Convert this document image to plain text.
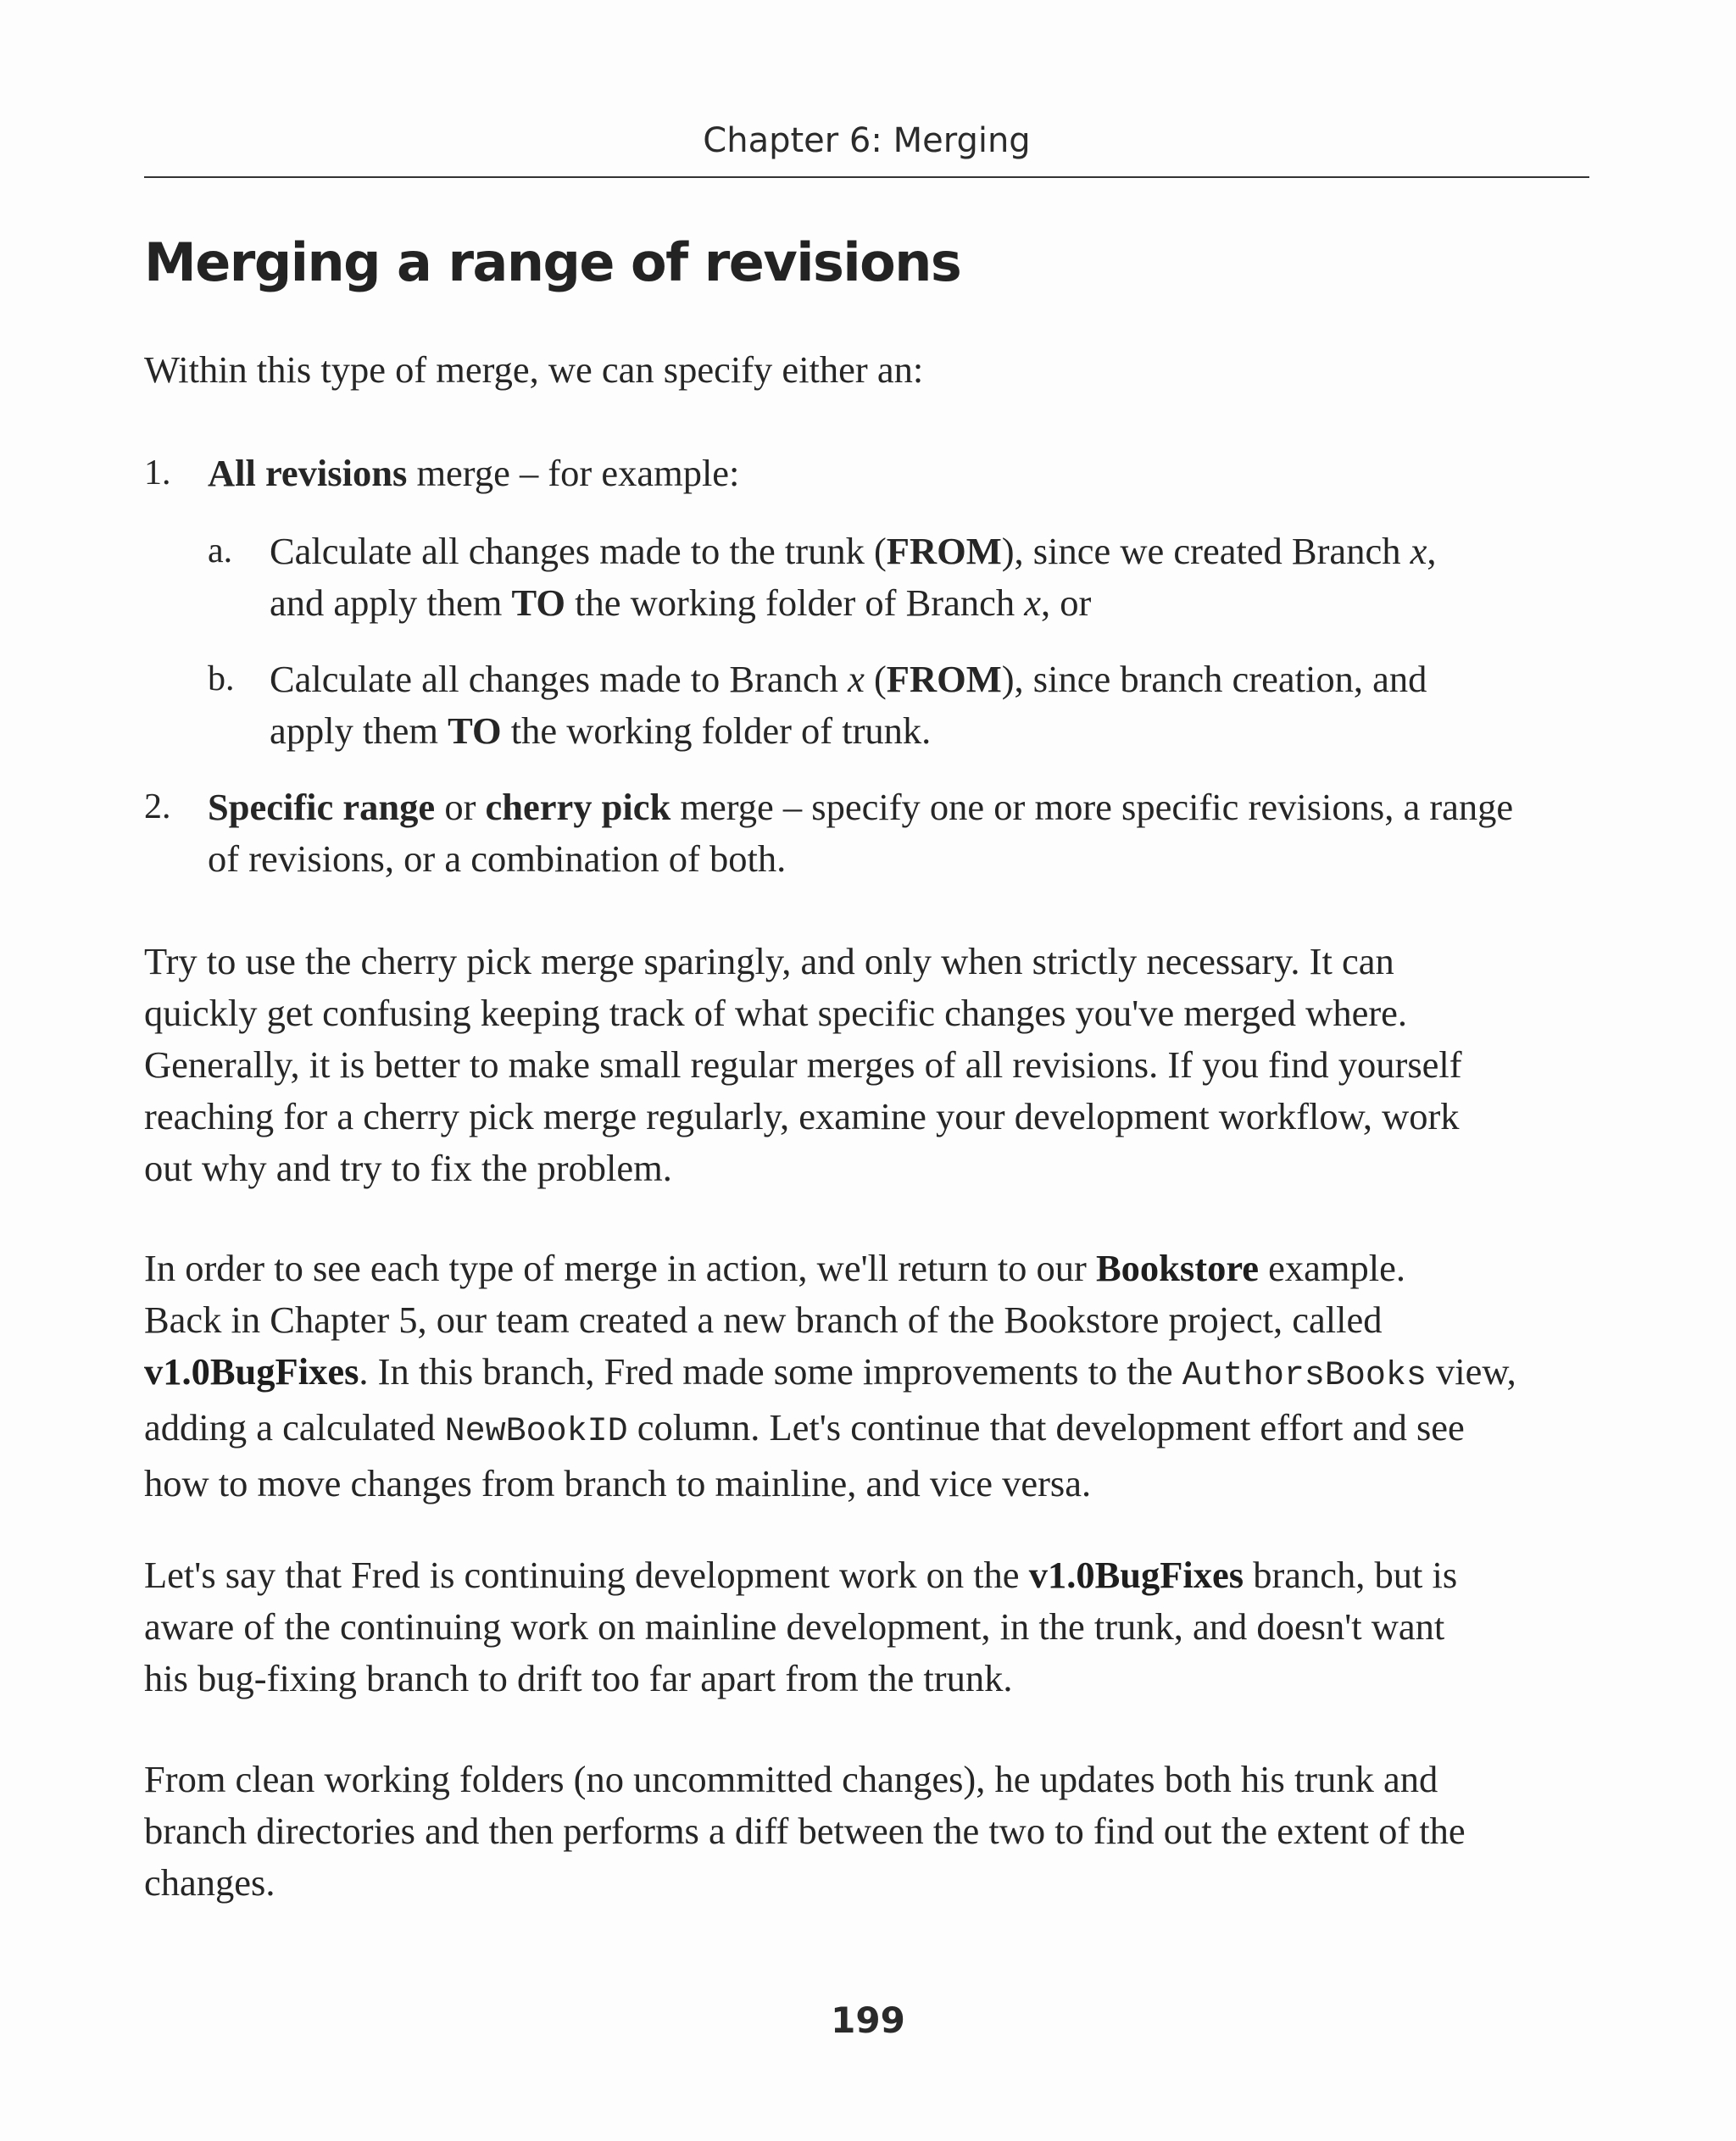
Chapter 6: Merging
Merging a range of revisions

Within this type of merge, we can specify either an:

1. All revisions merge – for example:

a. Calculate all changes made to the trunk (FROM), since we created Branch x,
and apply them TO the working folder of Branch x, or

b. Calculate all changes made to Branch x (FROM), since branch creation, and
apply them TO the working folder of trunk.

2. Specific range or cherry pick merge – specify one or more specific revisions, a range
of revisions, or a combination of both.

Try to use the cherry pick merge sparingly, and only when strictly necessary. It can
quickly get confusing keeping track of what specific changes you've merged where.
Generally, it is better to make small regular merges of all revisions. If you find yourself
reaching for a cherry pick merge regularly, examine your development workflow, work
out why and try to fix the problem.

In order to see each type of merge in action, we'll return to our Bookstore example.
Back in Chapter 5, our team created a new branch of the Bookstore project, called
v1.0BugFixes. In this branch, Fred made some improvements to the AuthorsBooks view,
adding a calculated NewBookID column. Let's continue that development effort and see
how to move changes from branch to mainline, and vice versa.

Let's say that Fred is continuing development work on the v1.0BugFixes branch, but is
aware of the continuing work on mainline development, in the trunk, and doesn't want
his bug-fixing branch to drift too far apart from the trunk.

From clean working folders (no uncommitted changes), he updates both his trunk and
branch directories and then performs a diff between the two to find out the extent of the
changes.

199
